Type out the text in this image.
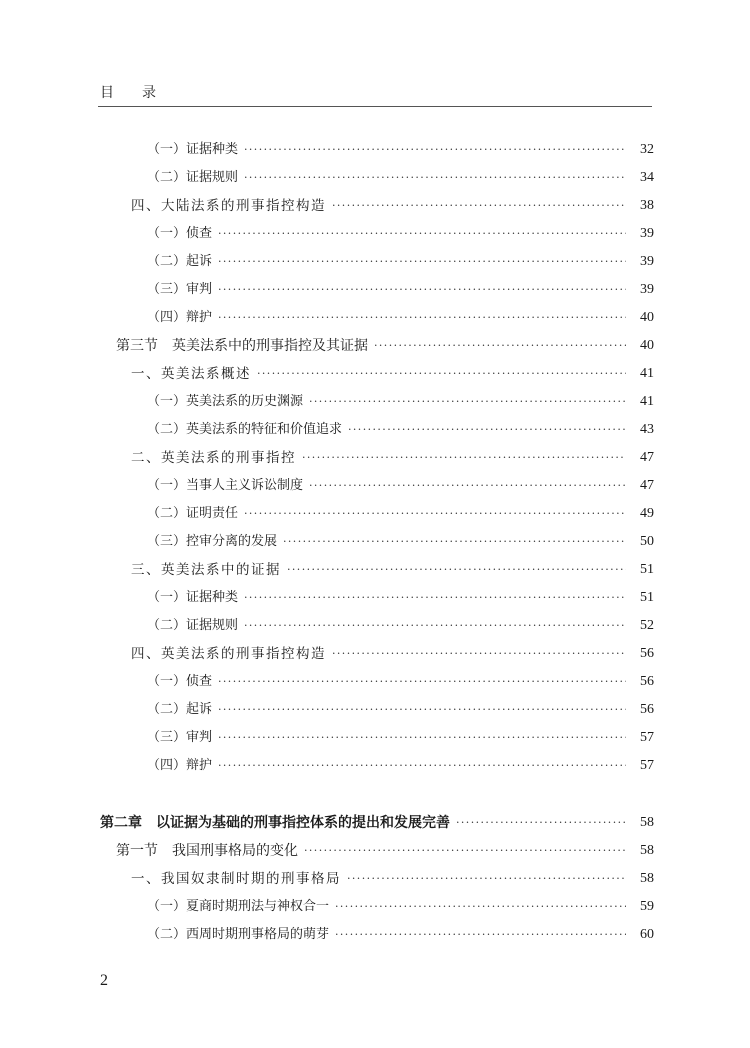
目 录
（一）证据种类 ·····	32
（二）证据规则 ·····	34
四、大陆法系的刑事指控构造 ·····	38
（一）侦查 ·····	39
（二）起诉 ·····	39
（三）审判 ·····	39
（四）辩护 ·····	40
第三节　英美法系中的刑事指控及其证据 ·····	40
一、英美法系概述 ·····	41
（一）英美法系的历史渊源 ·····	41
（二）英美法系的特征和价值追求 ·····	43
二、英美法系的刑事指控 ·····	47
（一）当事人主义诉讼制度 ·····	47
（二）证明责任 ·····	49
（三）控审分离的发展 ·····	50
三、英美法系中的证据 ·····	51
（一）证据种类 ·····	51
（二）证据规则 ·····	52
四、英美法系的刑事指控构造 ·····	56
（一）侦查 ·····	56
（二）起诉 ·····	56
（三）审判 ·····	57
（四）辩护 ·····	57
第二章　以证据为基础的刑事指控体系的提出和发展完善 ·····	58
第一节　我国刑事格局的变化 ·····	58
一、我国奴隶制时期的刑事格局 ·····	58
（一）夏商时期刑法与神权合一 ·····	59
（二）西周时期刑事格局的萌芽 ·····	60
2
